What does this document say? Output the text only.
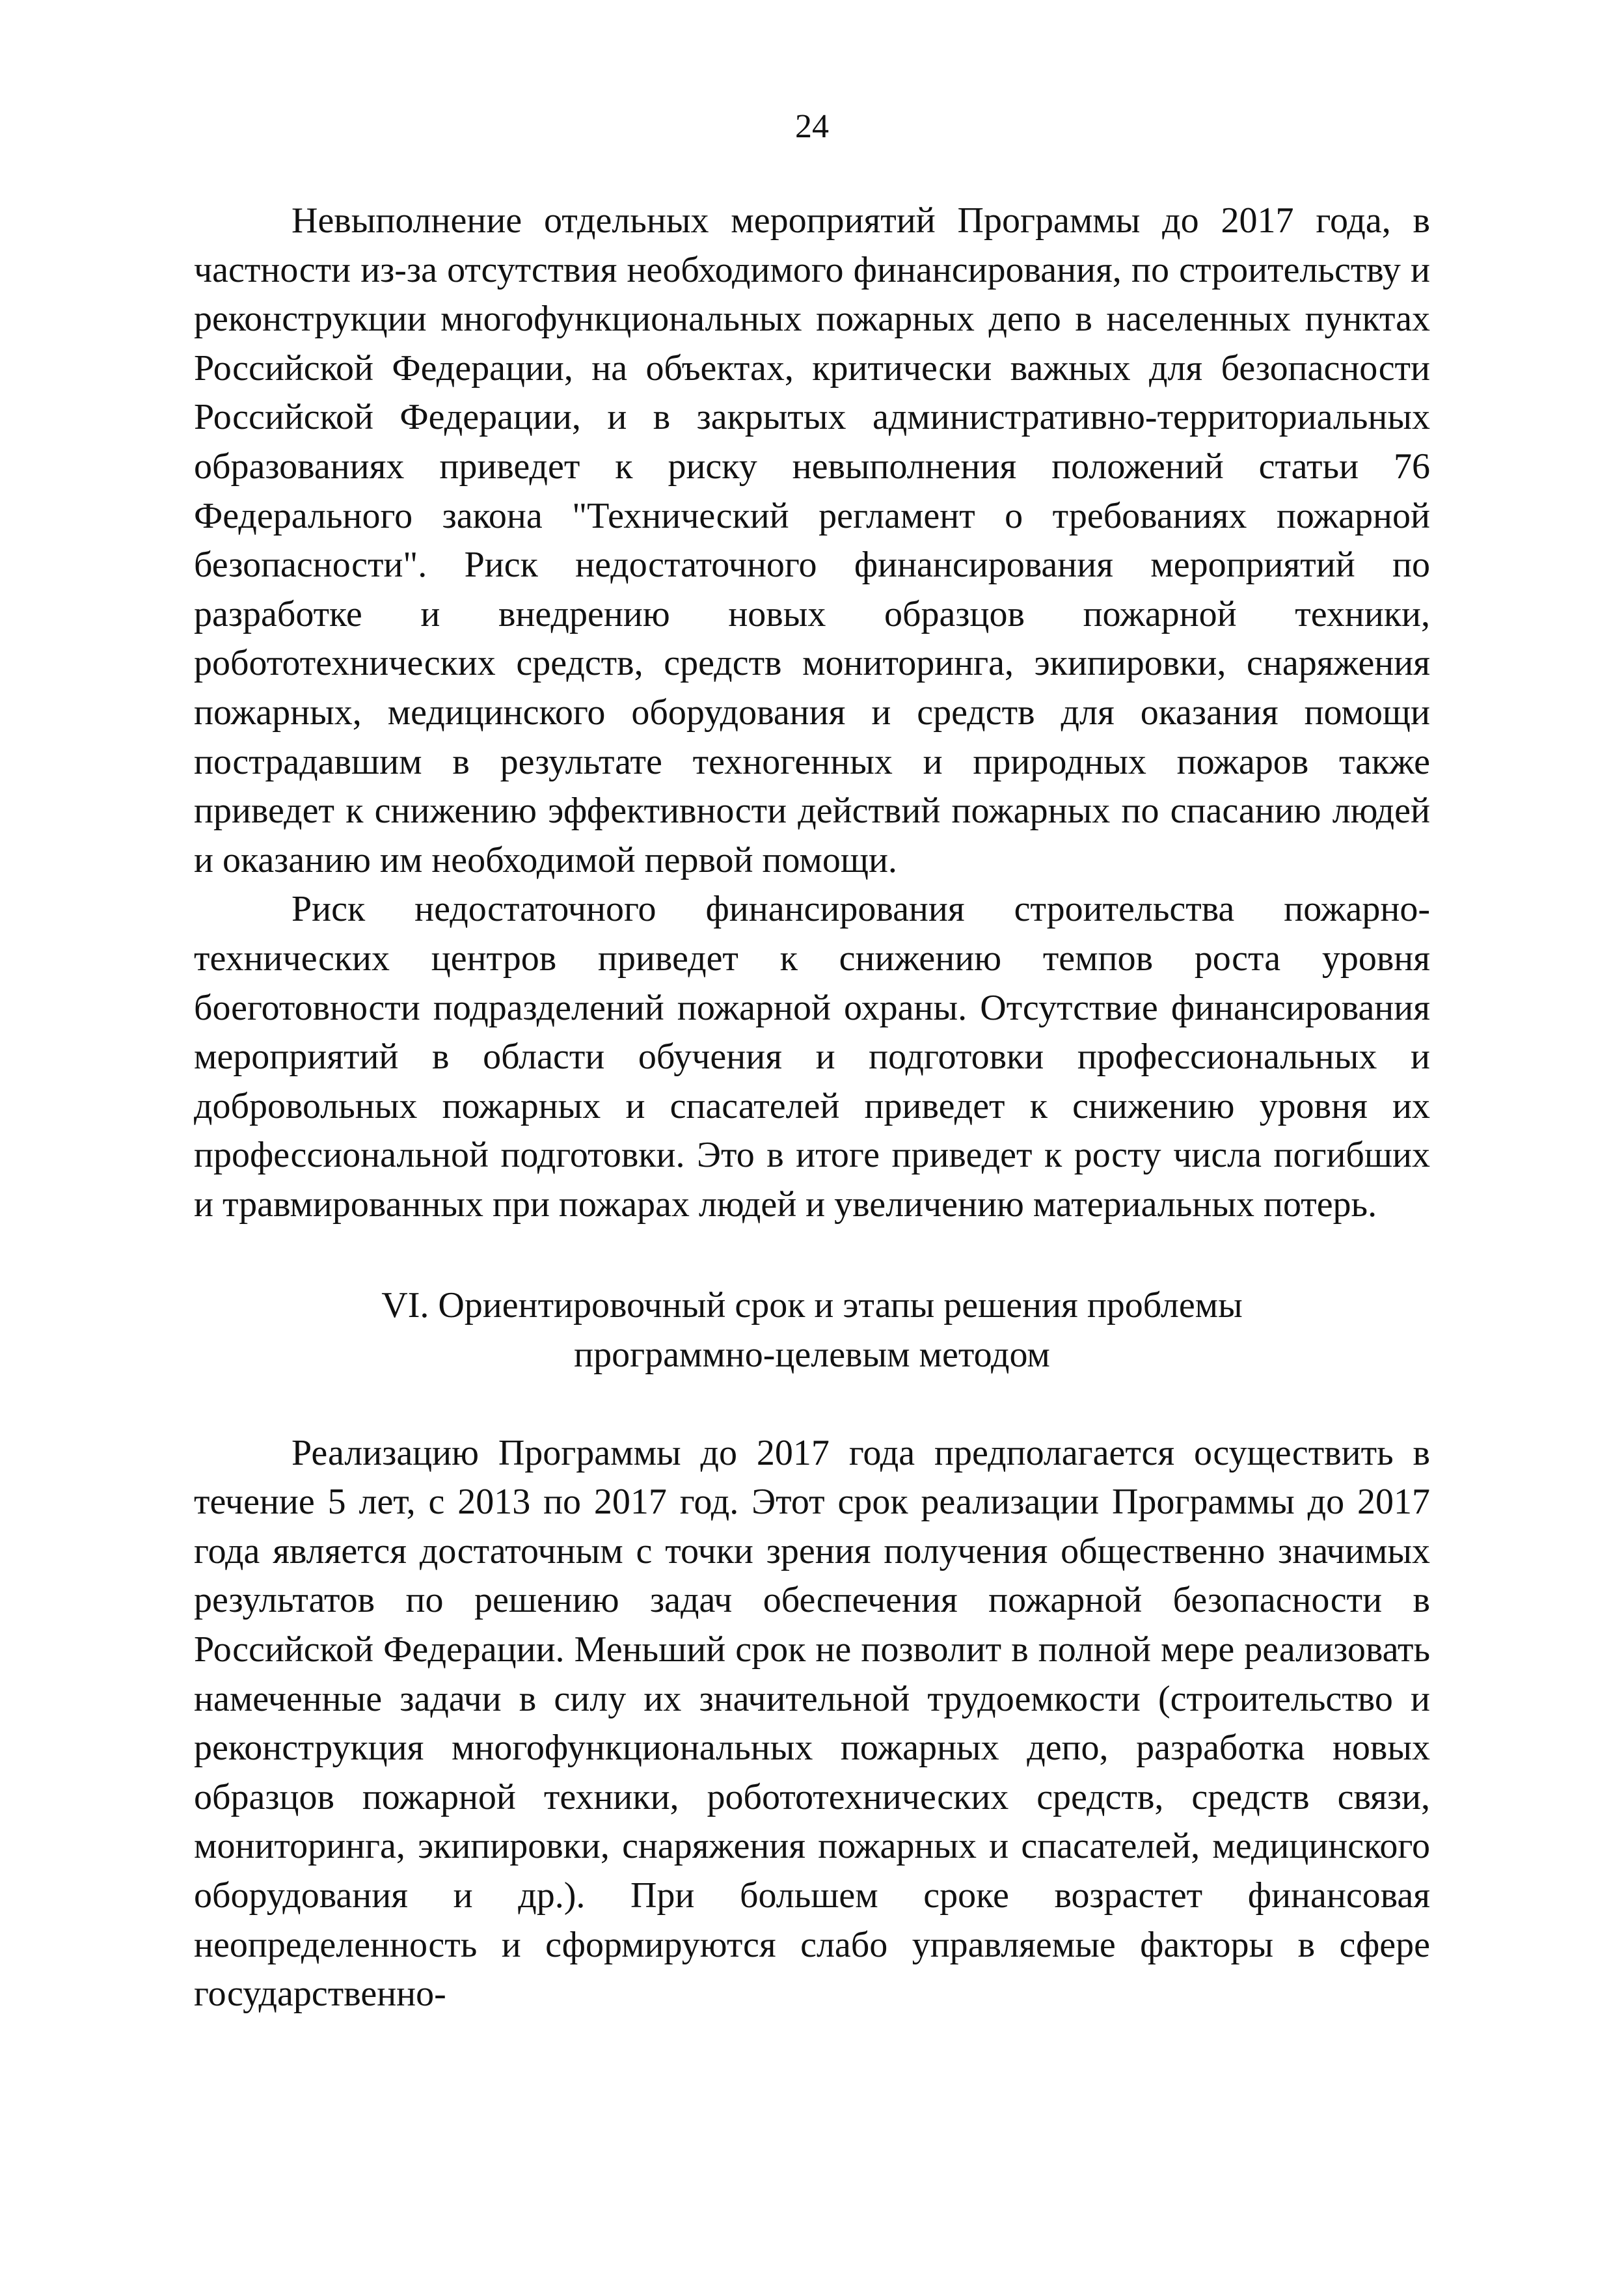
24

Невыполнение отдельных мероприятий Программы до 2017 года, в частности из-за отсутствия необходимого финансирования, по строительству и реконструкции многофункциональных пожарных депо в населенных пунктах Российской Федерации, на объектах, критически важных для безопасности Российской Федерации, и в закрытых административно-территориальных образованиях приведет к риску невыполнения положений статьи 76 Федерального закона "Технический регламент о требованиях пожарной безопасности". Риск недостаточного финансирования мероприятий по разработке и внедрению новых образцов пожарной техники, робототехнических средств, средств мониторинга, экипировки, снаряжения пожарных, медицинского оборудования и средств для оказания помощи пострадавшим в результате техногенных и природных пожаров также приведет к снижению эффективности действий пожарных по спасанию людей и оказанию им необходимой первой помощи.

Риск недостаточного финансирования строительства пожарно-технических центров приведет к снижению темпов роста уровня боеготовности подразделений пожарной охраны. Отсутствие финансирования мероприятий в области обучения и подготовки профессиональных и добровольных пожарных и спасателей приведет к снижению уровня их профессиональной подготовки. Это в итоге приведет к росту числа погибших и травмированных при пожарах людей и увеличению материальных потерь.

VI. Ориентировочный срок и этапы решения проблемы
программно-целевым методом

Реализацию Программы до 2017 года предполагается осуществить в течение 5 лет, с 2013 по 2017 год. Этот срок реализации Программы до 2017 года является достаточным с точки зрения получения общественно значимых результатов по решению задач обеспечения пожарной безопасности в Российской Федерации. Меньший срок не позволит в полной мере реализовать намеченные задачи в силу их значительной трудоемкости (строительство и реконструкция многофункциональных пожарных депо, разработка новых образцов пожарной техники, робототехнических средств, средств связи, мониторинга, экипировки, снаряжения пожарных и спасателей, медицинского оборудования и др.). При большем сроке возрастет финансовая неопределенность и сформируются слабо управляемые факторы в сфере государственно-
